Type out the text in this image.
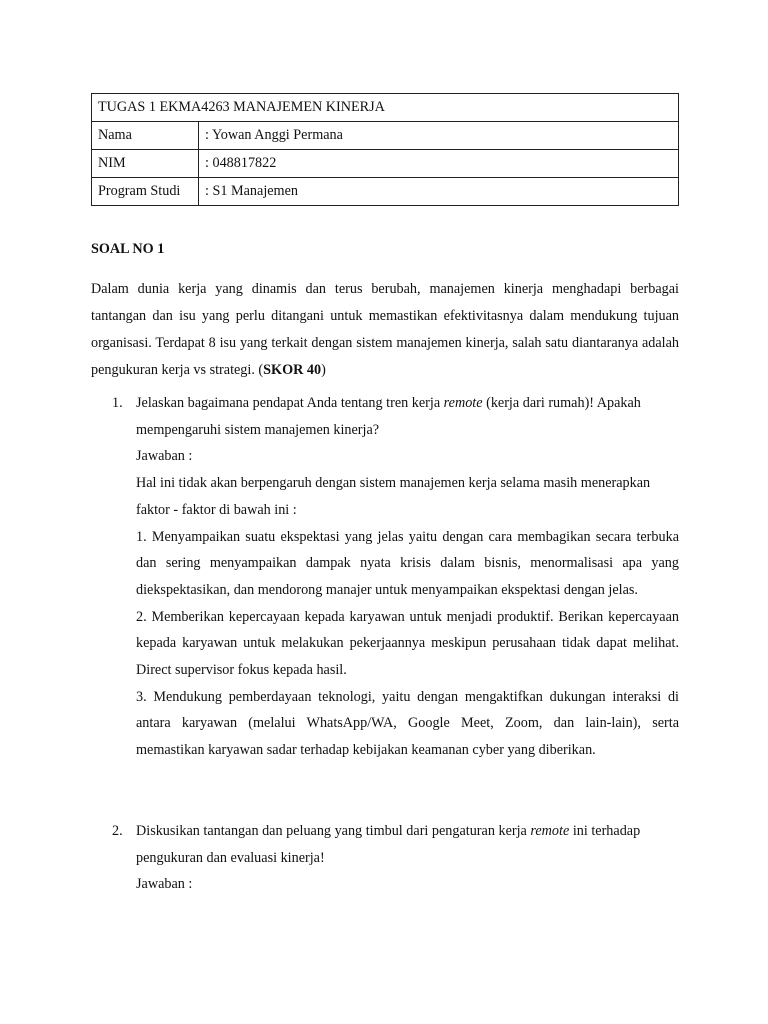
TUGAS 1 EKMA4263 MANAJEMEN KINERJA	
Nama	: Yowan Anggi Permana
NIM	: 048817822
Program Studi	: S1 Manajemen
SOAL NO 1

Dalam dunia kerja yang dinamis dan terus berubah, manajemen kinerja menghadapi berbagai tantangan dan isu yang perlu ditangani untuk memastikan efektivitasnya dalam mendukung tujuan organisasi. Terdapat 8 isu yang terkait dengan sistem manajemen kinerja, salah satu diantaranya adalah pengukuran kerja vs strategi. (SKOR 40)

1. Jelaskan bagaimana pendapat Anda tentang tren kerja remote (kerja dari rumah)! Apakah mempengaruhi sistem manajemen kinerja?

Jawaban :

Hal ini tidak akan berpengaruh dengan sistem manajemen kerja selama masih menerapkan faktor - faktor di bawah ini :

1. Menyampaikan suatu ekspektasi yang jelas yaitu dengan cara membagikan secara terbuka dan sering menyampaikan dampak nyata krisis dalam bisnis, menormalisasi apa yang diekspektasikan, dan mendorong manajer untuk menyampaikan ekspektasi dengan jelas.

2. Memberikan kepercayaan kepada karyawan untuk menjadi produktif. Berikan kepercayaan kepada karyawan untuk melakukan pekerjaannya meskipun perusahaan tidak dapat melihat. Direct supervisor fokus kepada hasil.

3. Mendukung pemberdayaan teknologi, yaitu dengan mengaktifkan dukungan interaksi di antara karyawan (melalui WhatsApp/WA, Google Meet, Zoom, dan lain-lain), serta memastikan karyawan sadar terhadap kebijakan keamanan cyber yang diberikan.

2. Diskusikan tantangan dan peluang yang timbul dari pengaturan kerja remote ini terhadap pengukuran dan evaluasi kinerja!

Jawaban :
